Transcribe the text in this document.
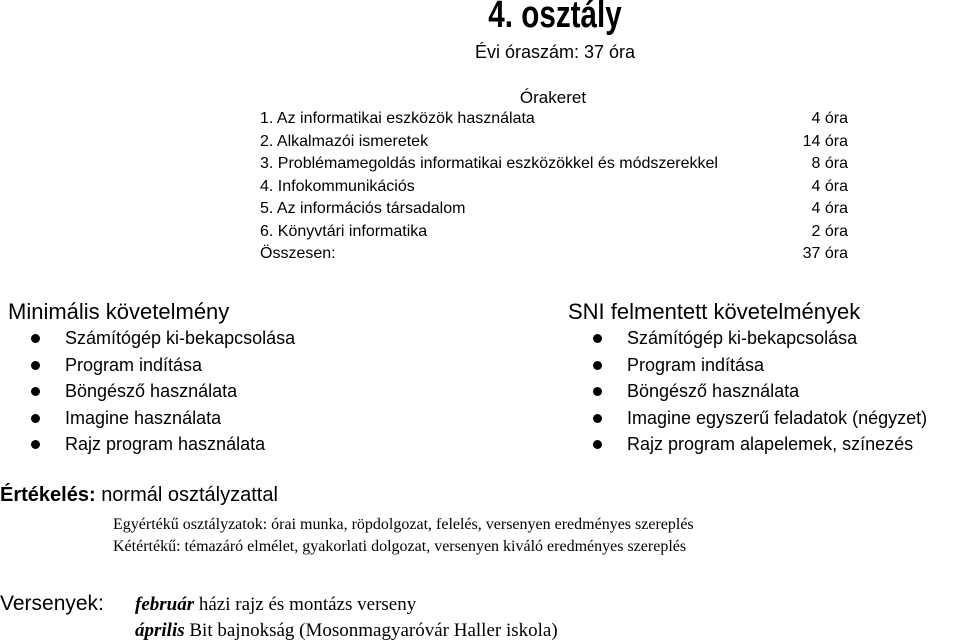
4. osztály
Évi óraszám: 37 óra
Órakeret
1. Az informatikai eszközök használata	4 óra
2. Alkalmazói ismeretek	14 óra
3. Problémamegoldás informatikai eszközökkel és módszerekkel	8 óra
4. Infokommunikációs	4 óra
5. Az információs társadalom	4 óra
6. Könyvtári informatika	2 óra
Összesen:	37 óra
Minimális követelmény
Számítógép ki-bekapcsolása
Program indítása
Böngésző használata
Imagine használata
Rajz program használata
SNI felmentett követelmények
Számítógép ki-bekapcsolása
Program indítása
Böngésző használata
Imagine egyszerű feladatok (négyzet)
Rajz program alapelemek, színezés
Értékelés: normál osztályzattal
Egyértékű osztályzatok: órai munka, röpdolgozat, felelés, versenyen eredményes szereplés
Kétértékű: témazáró elmélet, gyakorlati dolgozat, versenyen kiváló eredményes szereplés
Versenyek: február házi rajz és montázs verseny
április Bit bajnokság (Mosonmagyaróvár Haller iskola)
